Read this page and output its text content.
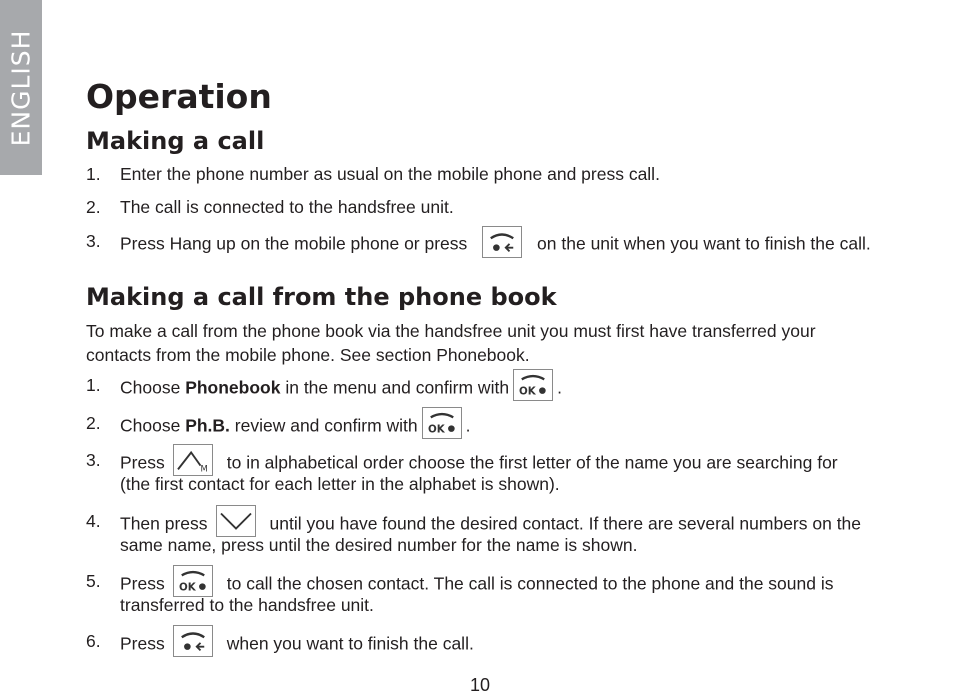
ENGLISH Operation
Making a call
1. Enter the phone number as usual on the mobile phone and press call.
2. The call is connected to the handsfree unit.
3. Press Hang up on the mobile phone or press	on the unit when you want to finish the call.
Making a call from the phone book
To make a call from the phone book via the handsfree unit you must first have transferred your
contacts from the mobile phone. See section Phonebook.
1. Choose Phonebook in the menu and confirm with OK .
2. Choose Ph.B. review and confirm with OK .
3. Press	M to in alphabetical order choose the first letter of the name you are searching for
(the first contact for each letter in the alphabet is shown).
4. Then press	until you have found the desired contact. If there are several numbers on the
same name, press until the desired number for the name is shown.
5. Press OK to call the chosen contact. The call is connected to the phone and the sound is
transferred to the handsfree unit.
6. Press	when you want to finish the call.
10
